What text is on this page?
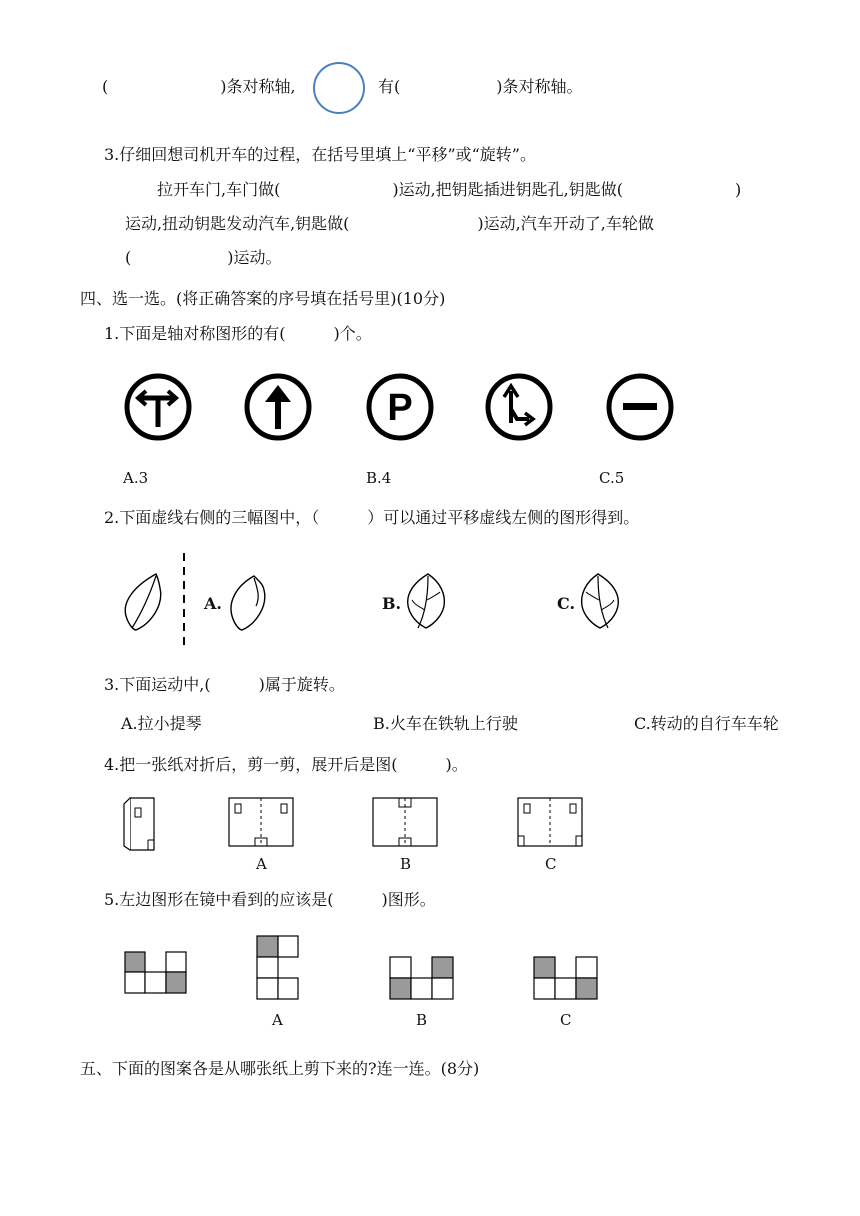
(　　　　　　　)条对称轴,	有(　　　　　　)条对称轴。
3.仔细回想司机开车的过程，在括号里填上“平移”或“旋转”。
拉开车门,车门做(　　　　　　　)运动,把钥匙插进钥匙孔,钥匙做(　　　　　　　)
运动,扭动钥匙发动汽车,钥匙做(　　　　　　　　)运动,汽车开动了,车轮做
(　　　　　　)运动。
四、选一选。(将正确答案的序号填在括号里)(10分)
1.下面是轴对称图形的有(　　　)个。
P
A.3	B.4	C.5
2.下面虚线右侧的三幅图中，（　　　）可以通过平移虚线左侧的图形得到。
A.	B.	C.
3.下面运动中,(　　　)属于旋转。
A.拉小提琴	B.火车在铁轨上行驶	C.转动的自行车车轮
4.把一张纸对折后，剪一剪，展开后是图(　　　)。
A	B	C
5.左边图形在镜中看到的应该是(　　　)图形。
A	B	C
五、下面的图案各是从哪张纸上剪下来的?连一连。(8分)
